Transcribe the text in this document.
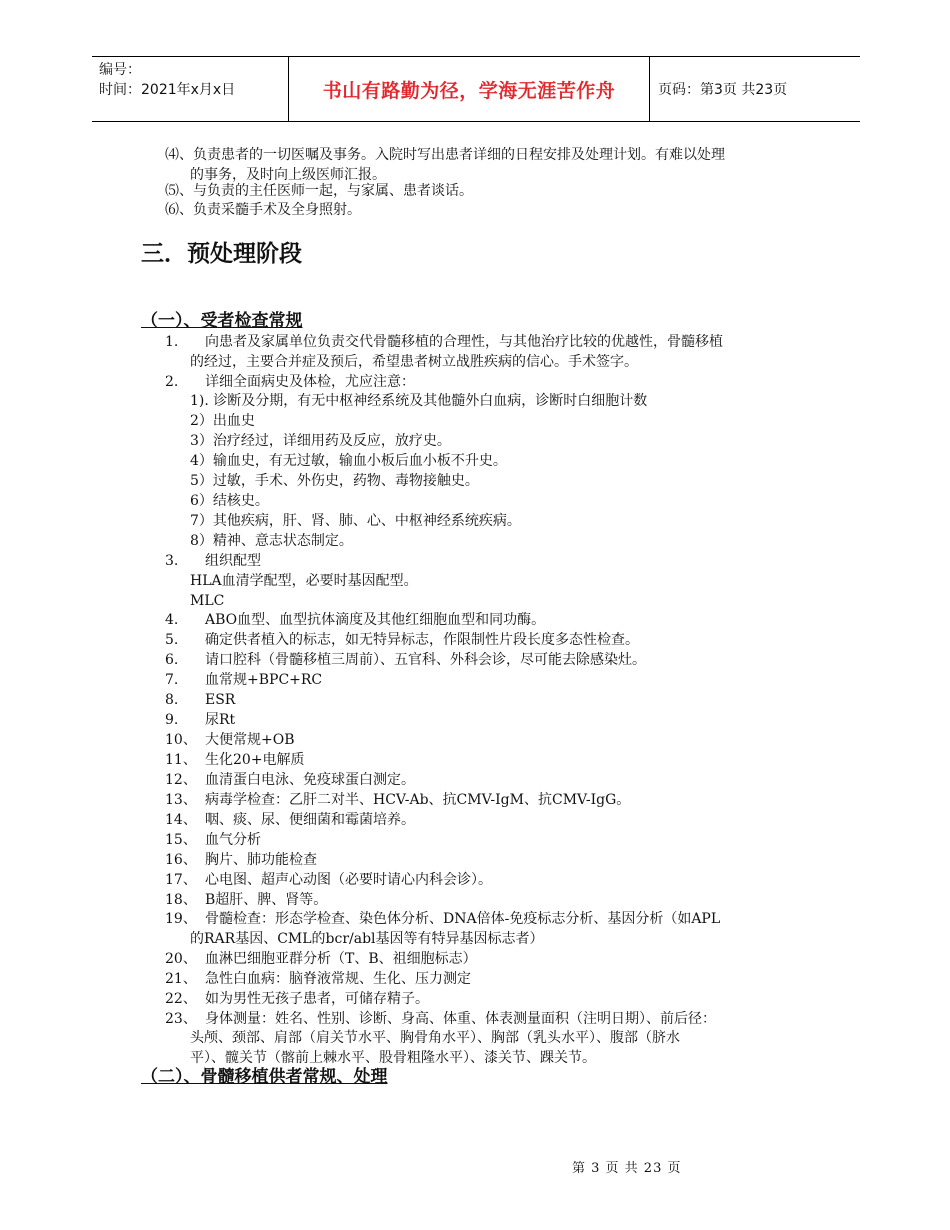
编号：
时间：2021年x月x日	书山有路勤为径，学海无涯苦作舟	页码：第3页 共23页
⑷、负责患者的一切医嘱及事务。入院时写出患者详细的日程安排及处理计划。有难以处理
的事务，及时向上级医师汇报。
⑸、与负责的主任医师一起，与家属、患者谈话。
⑹、负责采髓手术及全身照射。
三．预处理阶段
（一）、受者检查常规
1.	向患者及家属单位负责交代骨髓移植的合理性，与其他治疗比较的优越性，骨髓移植
的经过，主要合并症及预后，希望患者树立战胜疾病的信心。手术签字。
2.	详细全面病史及体检，尤应注意：
1). 诊断及分期，有无中枢神经系统及其他髓外白血病，诊断时白细胞计数
2）出血史
3）治疗经过，详细用药及反应，放疗史。
4）输血史，有无过敏，输血小板后血小板不升史。
5）过敏，手术、外伤史，药物、毒物接触史。
6）结核史。
7）其他疾病，肝、肾、肺、心、中枢神经系统疾病。
8）精神、意志状态制定。
3.	组织配型
HLA血清学配型，必要时基因配型。
MLC
4.	ABO血型、血型抗体滴度及其他红细胞血型和同功酶。
5.	确定供者植入的标志，如无特异标志，作限制性片段长度多态性检查。
6.	请口腔科（骨髓移植三周前）、五官科、外科会诊，尽可能去除感染灶。
7.	血常规+BPC+RC
8.	ESR
9.	尿Rt
10、 大便常规+OB
11、 生化20+电解质
12、 血清蛋白电泳、免疫球蛋白测定。
13、 病毒学检查：乙肝二对半、HCV-Ab、抗CMV-IgM、抗CMV-IgG。
14、 咽、痰、尿、便细菌和霉菌培养。
15、 血气分析
16、 胸片、肺功能检查
17、 心电图、超声心动图（必要时请心内科会诊）。
18、 B超肝、脾、肾等。
19、 骨髓检查：形态学检查、染色体分析、DNA倍体-免疫标志分析、基因分析（如APL
的RAR基因、CML的bcr/abl基因等有特异基因标志者）
20、 血淋巴细胞亚群分析（T、B、祖细胞标志）
21、 急性白血病：脑脊液常规、生化、压力测定
22、 如为男性无孩子患者，可储存精子。
23、 身体测量：姓名、性别、诊断、身高、体重、体表测量面积（注明日期）、前后径：
头颅、颈部、肩部（肩关节水平、胸骨角水平）、胸部（乳头水平）、腹部（脐水
平）、髋关节（髂前上棘水平、股骨粗隆水平）、漆关节、踝关节。
（二）、骨髓移植供者常规、处理
第 3 页 共 23 页
